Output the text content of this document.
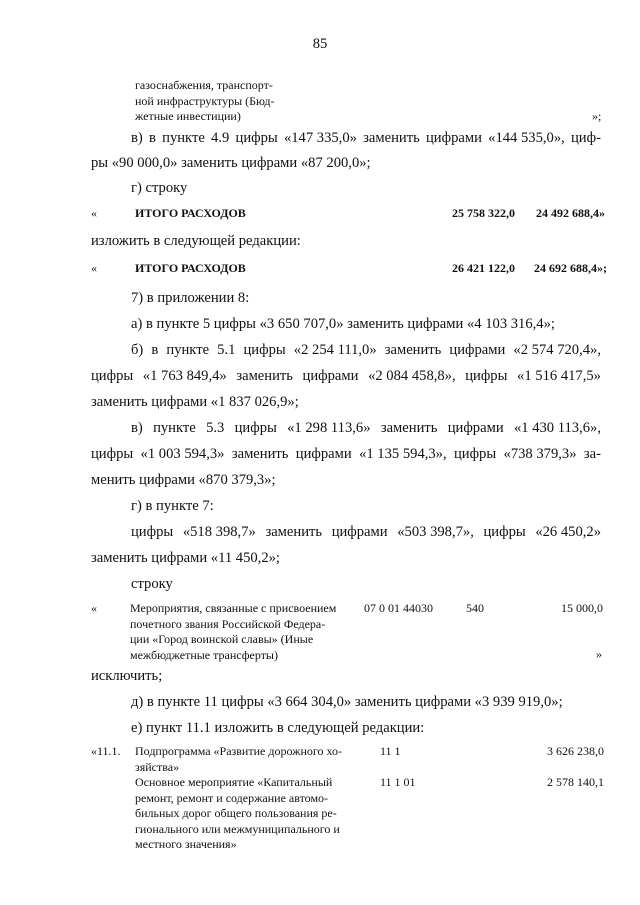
85
газоснабжения, транспорт-
ной инфраструктуры (Бюд-
жетные инвестиции)	»;
в) в пункте 4.9 цифры «147 335,0» заменить цифрами «144 535,0», циф-
ры «90 000,0» заменить цифрами «87 200,0»;
г) строку
«	ИТОГО РАСХОДОВ	25 758 322,0	24 492 688,4»
изложить в следующей редакции:
«	ИТОГО РАСХОДОВ	26 421 122,0	24 692 688,4»;
7) в приложении 8:
а) в пункте 5 цифры «3 650 707,0» заменить цифрами «4 103 316,4»;
б) в пункте 5.1 цифры «2 254 111,0» заменить цифрами «2 574 720,4»,
цифры «1 763 849,4» заменить цифрами «2 084 458,8», цифры «1 516 417,5»
заменить цифрами «1 837 026,9»;
в) пункте 5.3 цифры «1 298 113,6» заменить цифрами «1 430 113,6»,
цифры «1 003 594,3» заменить цифрами «1 135 594,3», цифры «738 379,3» за-
менить цифрами «870 379,3»;
г) в пункте 7:
цифры «518 398,7» заменить цифрами «503 398,7», цифры «26 450,2»
заменить цифрами «11 450,2»;
строку
«	Мероприятия, связанные с присвоением
почетного звания Российской Федера-
ции «Город воинской славы» (Иные
межбюджетные трансферты)
07 0 01 44030	540	15 000,0
»
исключить;
д) в пункте 11 цифры «3 664 304,0» заменить цифрами «3 939 919,0»;
е) пункт 11.1 изложить в следующей редакции:
«11.1. Подпрограмма «Развитие дорожного хо-
зяйства»
11 1	3 626 238,0
Основное мероприятие «Капитальный
ремонт, ремонт и содержание автомо-
бильных дорог общего пользования ре-
гионального или межмуниципального и
местного значения»
11 1 01	2 578 140,1
